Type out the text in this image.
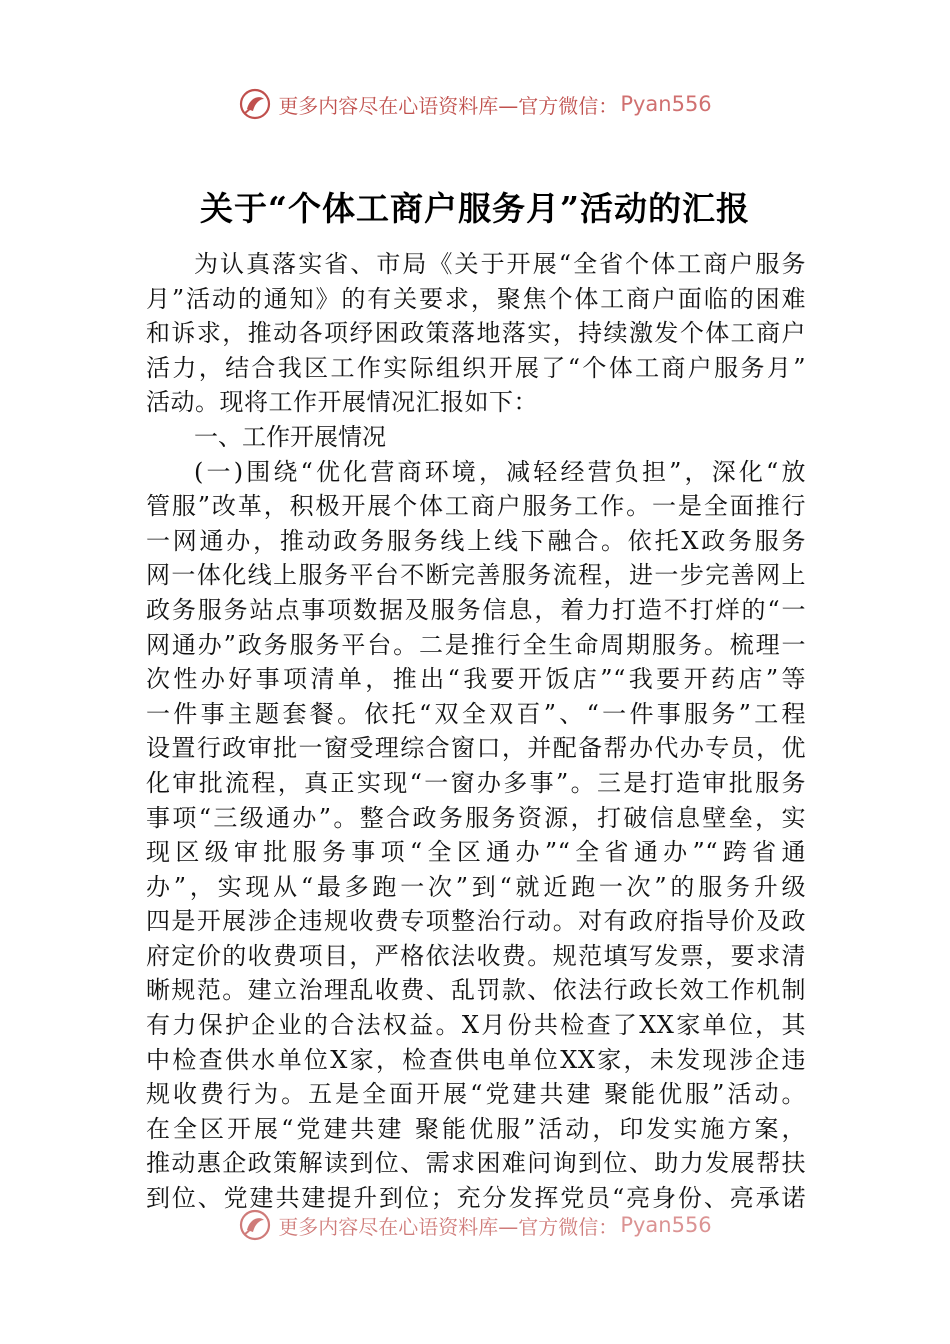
更多内容尽在心语资料库—官方微信： Pyan556
关于“个体工商户服务月”活动的汇报
为认真落实省、市局《关于开展“全省个体工商户服务
月”活动的通知》的有关要求，聚焦个体工商户面临的困难
和诉求，推动各项纾困政策落地落实，持续激发个体工商户
活力，结合我区工作实际组织开展了“个体工商户服务月”
活动。现将工作开展情况汇报如下：
一、工作开展情况
(一)围绕“优化营商环境，减轻经营负担”，深化“放
管服”改革，积极开展个体工商户服务工作。一是全面推行
一网通办，推动政务服务线上线下融合。依托X政务服务
网一体化线上服务平台不断完善服务流程，进一步完善网上
政务服务站点事项数据及服务信息，着力打造不打烊的“一
网通办”政务服务平台。二是推行全生命周期服务。梳理一
次性办好事项清单，推出“我要开饭店”“我要开药店”等
一件事主题套餐。依托“双全双百”、“一件事服务”工程
设置行政审批一窗受理综合窗口，并配备帮办代办专员，优
化审批流程，真正实现“一窗办多事”。三是打造审批服务
事项“三级通办”。整合政务服务资源，打破信息壁垒，实
现区级审批服务事项“全区通办”“全省通办”“跨省通
办”，实现从“最多跑一次”到“就近跑一次”的服务升级
四是开展涉企违规收费专项整治行动。对有政府指导价及政
府定价的收费项目，严格依法收费。规范填写发票，要求清
晰规范。建立治理乱收费、乱罚款、依法行政长效工作机制
有力保护企业的合法权益。X月份共检查了XX家单位，其
中检查供水单位X家，检查供电单位XX家，未发现涉企违
规收费行为。五是全面开展“党建共建 聚能优服”活动。
在全区开展“党建共建 聚能优服”活动，印发实施方案，
推动惠企政策解读到位、需求困难问询到位、助力发展帮扶
到位、党建共建提升到位；充分发挥党员“亮身份、亮承诺
更多内容尽在心语资料库—官方微信： Pyan556
